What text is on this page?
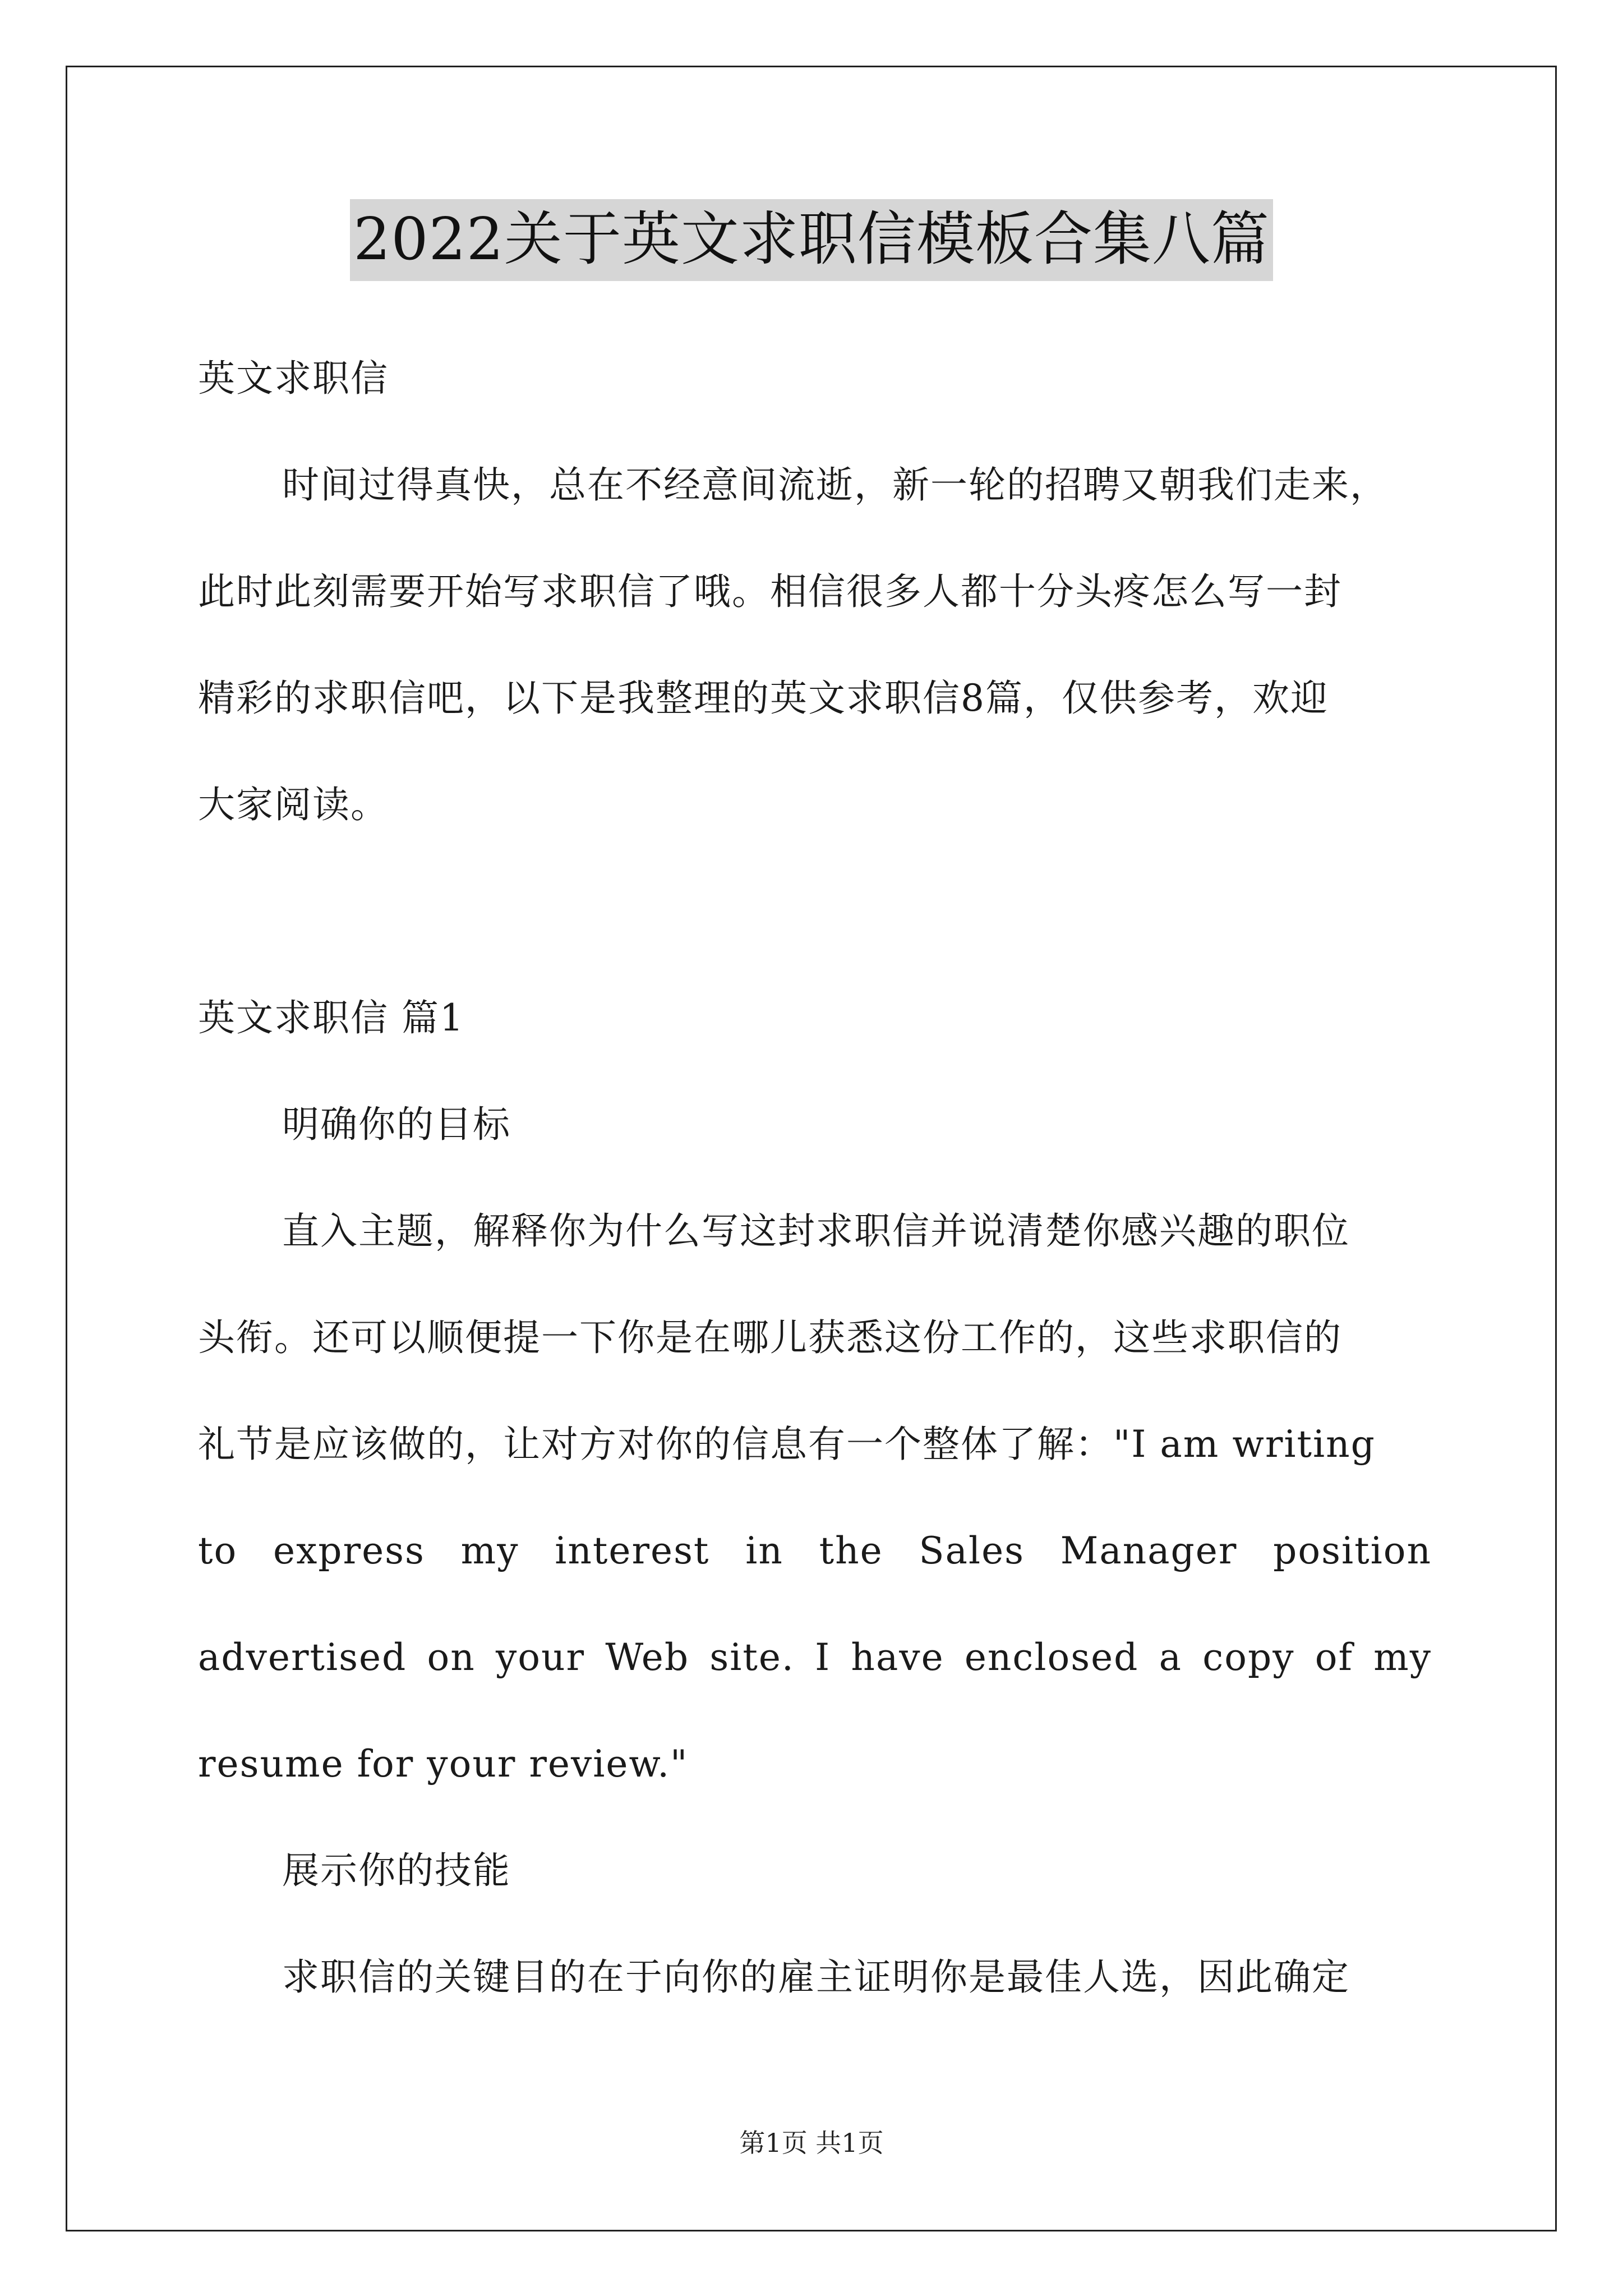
2022关于英文求职信模板合集八篇
英文求职信
时间过得真快，总在不经意间流逝，新一轮的招聘又朝我们走来，
此时此刻需要开始写求职信了哦。相信很多人都十分头疼怎么写一封
精彩的求职信吧，以下是我整理的英文求职信8篇，仅供参考，欢迎
大家阅读。
英文求职信 篇1
明确你的目标
直入主题，解释你为什么写这封求职信并说清楚你感兴趣的职位
头衔。还可以顺便提一下你是在哪儿获悉这份工作的，这些求职信的
礼节是应该做的，让对方对你的信息有一个整体了解："I am writing
to express my interest in the Sales Manager position
advertised on your Web site. I have enclosed a copy of my
resume for your review."
展示你的技能
求职信的关键目的在于向你的雇主证明你是最佳人选，因此确定
第1页 共1页
